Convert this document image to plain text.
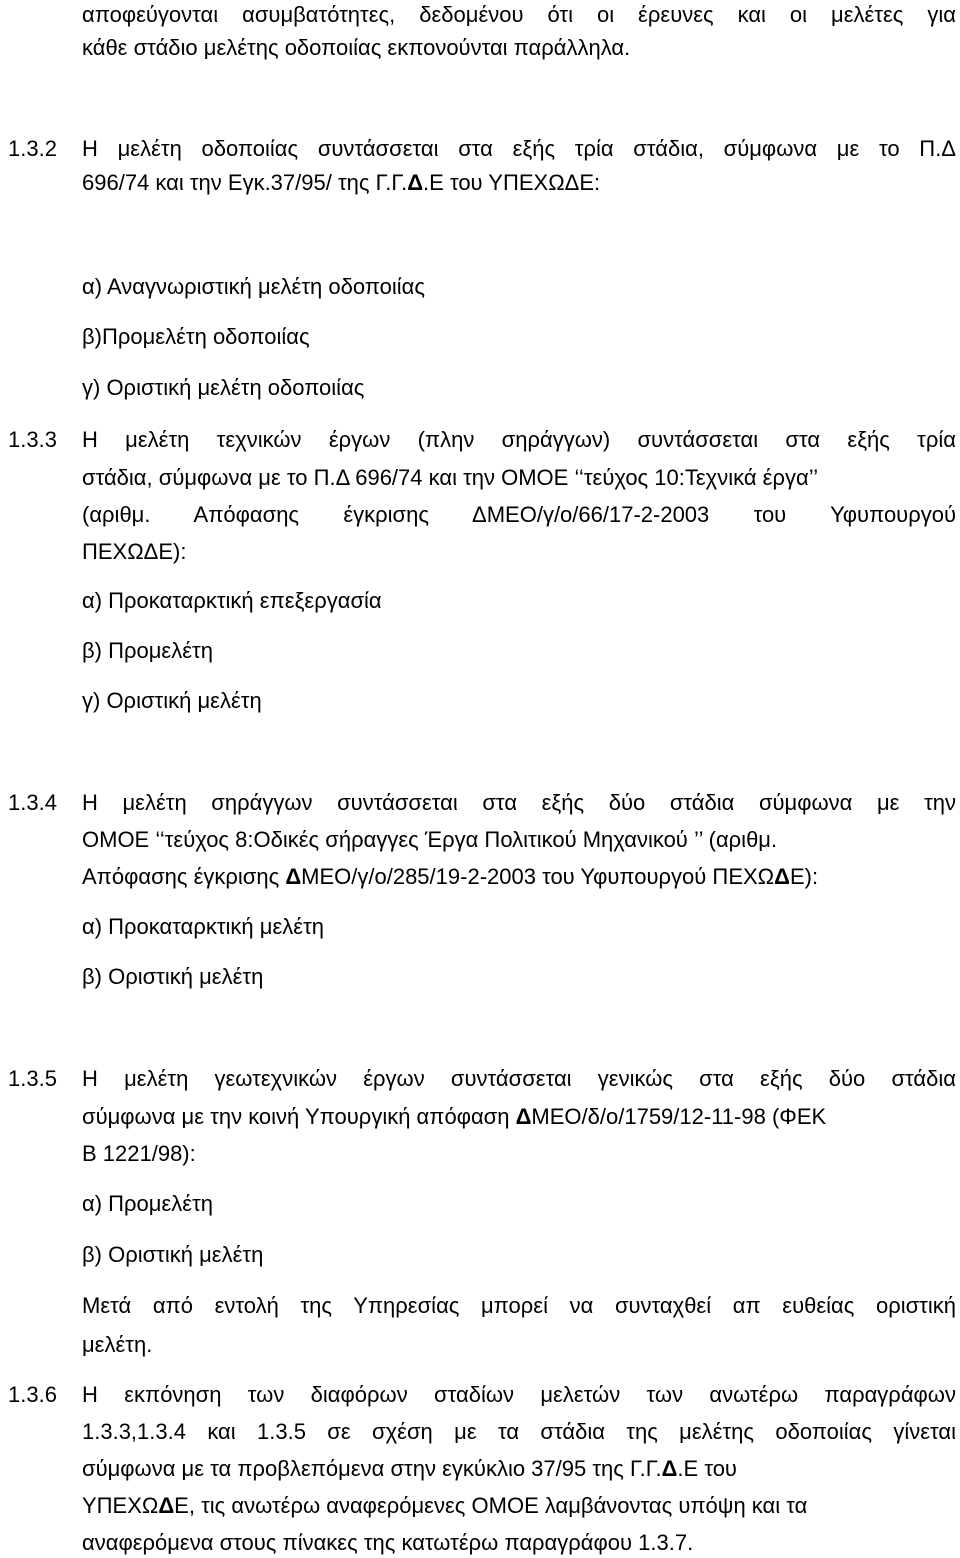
αποφεύγονται ασυμβατότητες, δεδομένου ότι οι έρευνες και οι μελέτες για
κάθε στάδιο μελέτης οδοποιίας εκπονούνται παράλληλα.
1.3.2 Η μελέτη οδοποιίας συντάσσεται στα εξής τρία στάδια, σύμφωνα με το Π.Δ
696/74 και την Εγκ.37/95/ της Γ.Γ.Δ.Ε του ΥΠΕΧΩΔΕ:
α) Αναγνωριστική μελέτη οδοποιίας
β)Προμελέτη οδοποιίας
γ) Οριστική μελέτη οδοποιίας
1.3.3 Η μελέτη τεχνικών έργων (πλην σηράγγων) συντάσσεται στα εξής τρία
στάδια, σύμφωνα με το Π.Δ 696/74 και την ΟΜΟΕ ‘‘τεύχος 10:Τεχνικά έργα’’
(αριθμ. Απόφασης έγκρισης ΔΜΕΟ/γ/ο/66/17-2-2003 του Υφυπουργού
ΠΕΧΩΔΕ):
α) Προκαταρκτική επεξεργασία
β) Προμελέτη
γ) Οριστική μελέτη
1.3.4 Η μελέτη σηράγγων συντάσσεται στα εξής δύο στάδια σύμφωνα με την
ΟΜΟΕ ‘‘τεύχος 8:Οδικές σήραγγες Έργα Πολιτικού Μηχανικού ’’ (αριθμ.
Απόφασης έγκρισης ΔΜΕΟ/γ/ο/285/19-2-2003 του Υφυπουργού ΠΕΧΩΔΕ):
α) Προκαταρκτική μελέτη
β) Οριστική μελέτη
1.3.5 Η μελέτη γεωτεχνικών έργων συντάσσεται γενικώς στα εξής δύο στάδια
σύμφωνα με την κοινή Υπουργική απόφαση ΔΜΕΟ/δ/ο/1759/12-11-98 (ΦΕΚ
Β 1221/98):
α) Προμελέτη
β) Οριστική μελέτη
Μετά από εντολή της Υπηρεσίας μπορεί να συνταχθεί απ ευθείας οριστική
μελέτη.
1.3.6 Η εκπόνηση των διαφόρων σταδίων μελετών των ανωτέρω παραγράφων
1.3.3,1.3.4 και 1.3.5 σε σχέση με τα στάδια της μελέτης οδοποιίας γίνεται
σύμφωνα με τα προβλεπόμενα στην εγκύκλιο 37/95 της Γ.Γ.Δ.Ε του
ΥΠΕΧΩΔΕ, τις ανωτέρω αναφερόμενες ΟΜΟΕ λαμβάνοντας υπόψη και τα
αναφερόμενα στους πίνακες της κατωτέρω παραγράφου 1.3.7.
